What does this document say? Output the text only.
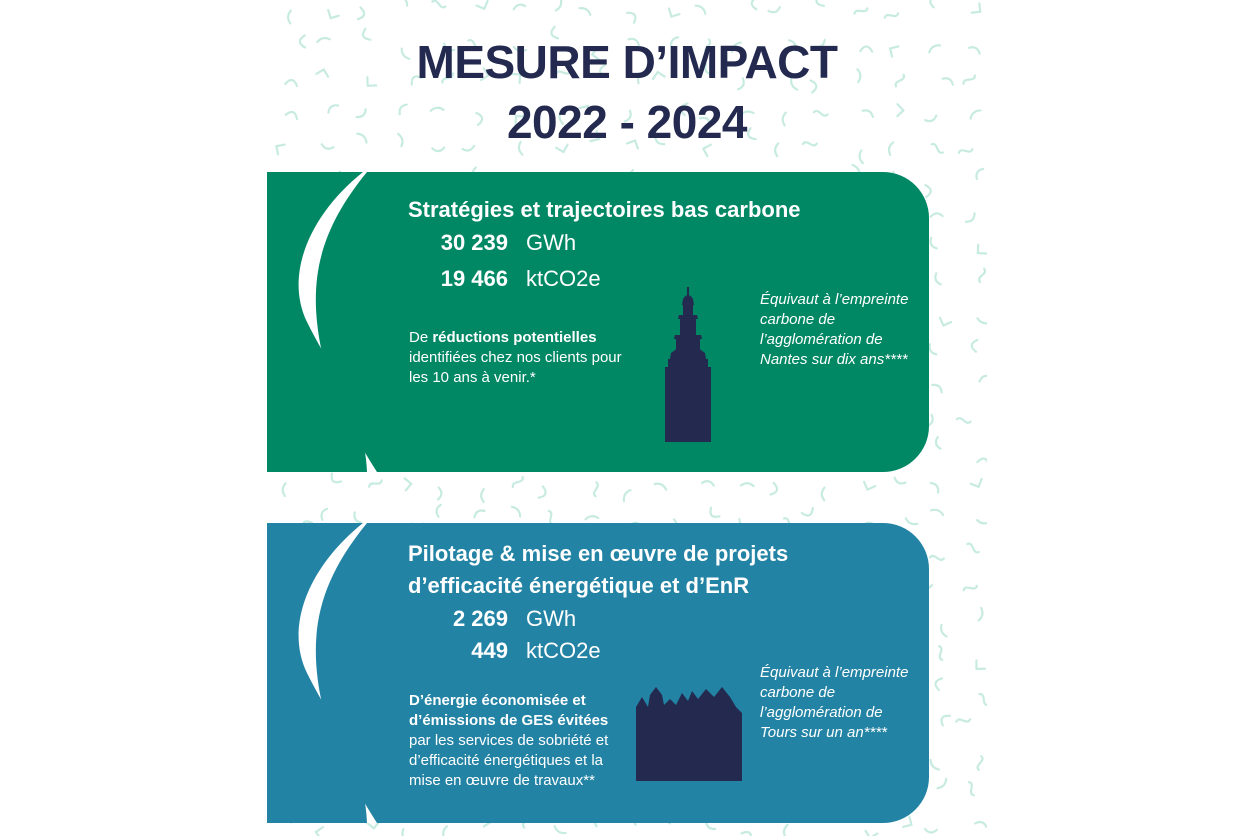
MESURE D’IMPACT
2022 - 2024
Stratégies et trajectoires bas carbone
30 239 GWh
19 466 ktCO2e
De réductions potentielles identifiées chez nos clients pour les 10 ans à venir.*
Équivaut à l’empreinte carbone de l’agglomération de Nantes sur dix ans****
Pilotage & mise en œuvre de projets
d’efficacité énergétique et d’EnR
2 269 GWh
449 ktCO2e
D’énergie économisée et d’émissions de GES évitées par les services de sobriété et d’efficacité énergétiques et la mise en œuvre de travaux**
Équivaut à l’empreinte carbone de l’agglomération de Tours sur un an****
